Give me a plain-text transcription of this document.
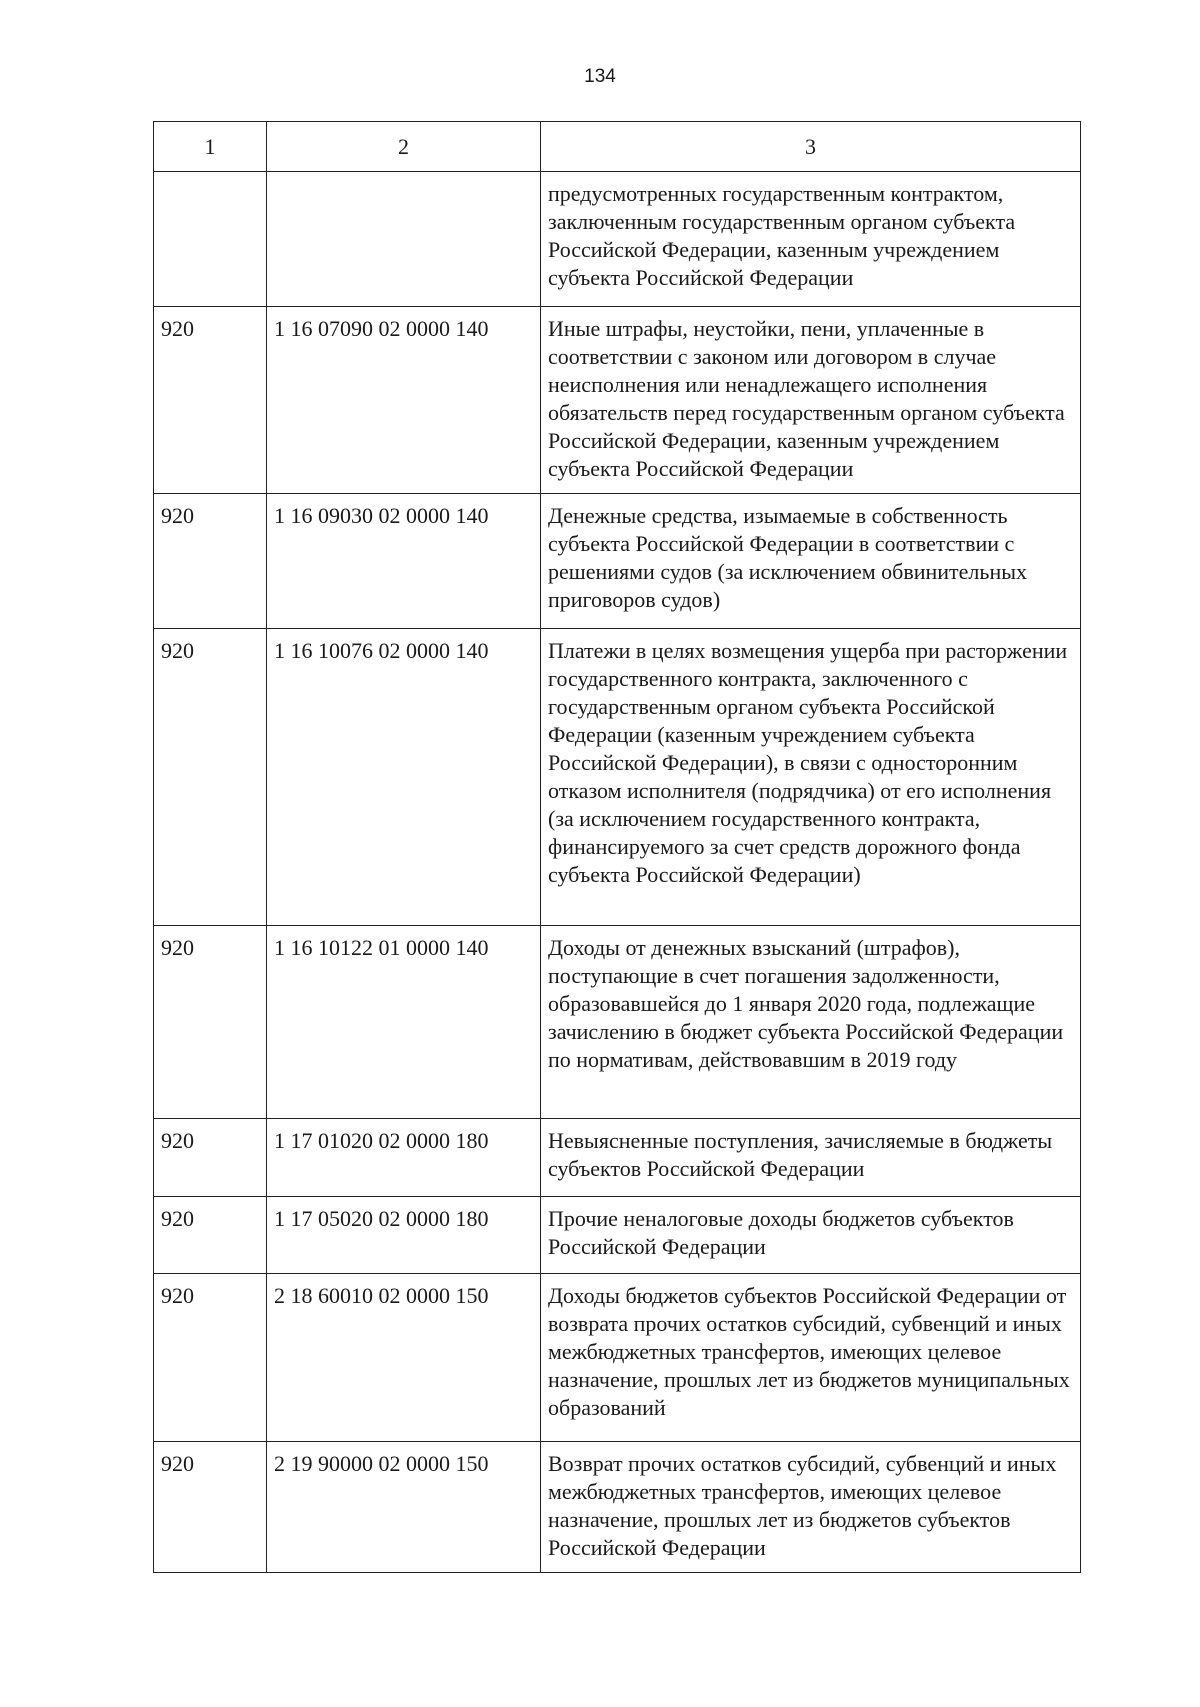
134
1	2	3
		предусмотренных государственным контрактом, заключенным государственным органом субъекта Российской Федерации, казенным учреждением субъекта Российской Федерации
920	1 16 07090 02 0000 140	Иные штрафы, неустойки, пени, уплаченные в соответствии с законом или договором в случае неисполнения или ненадлежащего исполнения обязательств перед государственным органом субъекта Российской Федерации, казенным учреждением субъекта Российской Федерации
920	1 16 09030 02 0000 140	Денежные средства, изымаемые в собственность субъекта Российской Федерации в соответствии с решениями судов (за исключением обвинительных приговоров судов)
920	1 16 10076 02 0000 140	Платежи в целях возмещения ущерба при расторжении государственного контракта, заключенного с государственным органом субъекта Российской Федерации (казенным учреждением субъекта Российской Федерации), в связи с односторонним отказом исполнителя (подрядчика) от его исполнения (за исключением государственного контракта, финансируемого за счет средств дорожного фонда субъекта Российской Федерации)
920	1 16 10122 01 0000 140	Доходы от денежных взысканий (штрафов), поступающие в счет погашения задолженности, образовавшейся до 1 января 2020 года, подлежащие зачислению в бюджет субъекта Российской Федерации по нормативам, действовавшим в 2019 году
920	1 17 01020 02 0000 180	Невыясненные поступления, зачисляемые в бюджеты субъектов Российской Федерации
920	1 17 05020 02 0000 180	Прочие неналоговые доходы бюджетов субъектов Российской Федерации
920	2 18 60010 02 0000 150	Доходы бюджетов субъектов Российской Федерации от возврата прочих остатков субсидий, субвенций и иных межбюджетных трансфертов, имеющих целевое назначение, прошлых лет из бюджетов муниципальных образований
920	2 19 90000 02 0000 150	Возврат прочих остатков субсидий, субвенций и иных межбюджетных трансфертов, имеющих целевое назначение, прошлых лет из бюджетов субъектов Российской Федерации
